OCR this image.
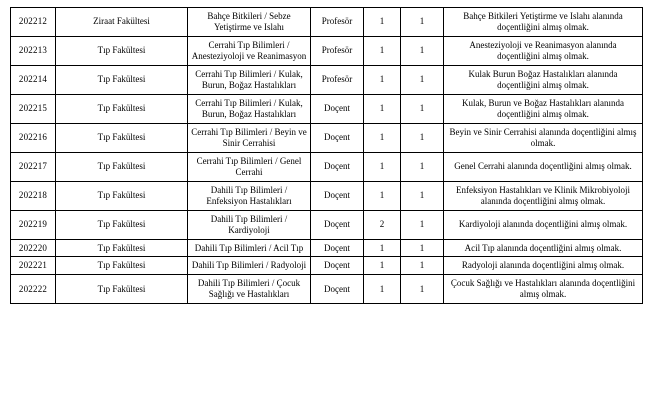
202212	Ziraat Fakültesi	Bahçe Bitkileri / Sebze Yetiştirme ve Islahı	Profesör	1	1	Bahçe Bitkileri Yetiştirme ve Islahı alanında doçentliğini almış olmak.
202213	Tıp Fakültesi	Cerrahi Tıp Bilimleri / Anesteziyoloji ve Reanimasyon	Profesör	1	1	Anesteziyoloji ve Reanimasyon alanında doçentliğini almış olmak.
202214	Tıp Fakültesi	Cerrahi Tıp Bilimleri / Kulak, Burun, Boğaz Hastalıkları	Profesör	1	1	Kulak Burun Boğaz Hastalıkları alanında doçentliğini almış olmak.
202215	Tıp Fakültesi	Cerrahi Tıp Bilimleri / Kulak, Burun, Boğaz Hastalıkları	Doçent	1	1	Kulak, Burun ve Boğaz Hastalıkları alanında doçentliğini almış olmak.
202216	Tıp Fakültesi	Cerrahi Tıp Bilimleri / Beyin ve Sinir Cerrahisi	Doçent	1	1	Beyin ve Sinir Cerrahisi alanında doçentliğini almış olmak.
202217	Tıp Fakültesi	Cerrahi Tıp Bilimleri / Genel Cerrahi	Doçent	1	1	Genel Cerrahi alanında doçentliğini almış olmak.
202218	Tıp Fakültesi	Dahili Tıp Bilimleri / Enfeksiyon Hastalıkları	Doçent	1	1	Enfeksiyon Hastalıkları ve Klinik Mikrobiyoloji alanında doçentliğini almış olmak.
202219	Tıp Fakültesi	Dahili Tıp Bilimleri / Kardiyoloji	Doçent	2	1	Kardiyoloji alanında doçentliğini almış olmak.
202220	Tıp Fakültesi	Dahili Tıp Bilimleri / Acil Tıp	Doçent	1	1	Acil Tıp alanında doçentliğini almış olmak.
202221	Tıp Fakültesi	Dahili Tıp Bilimleri / Radyoloji	Doçent	1	1	Radyoloji alanında doçentliğini almış olmak.
202222	Tıp Fakültesi	Dahili Tıp Bilimleri / Çocuk Sağlığı ve Hastalıkları	Doçent	1	1	Çocuk Sağlığı ve Hastalıkları alanında doçentliğini almış olmak.
